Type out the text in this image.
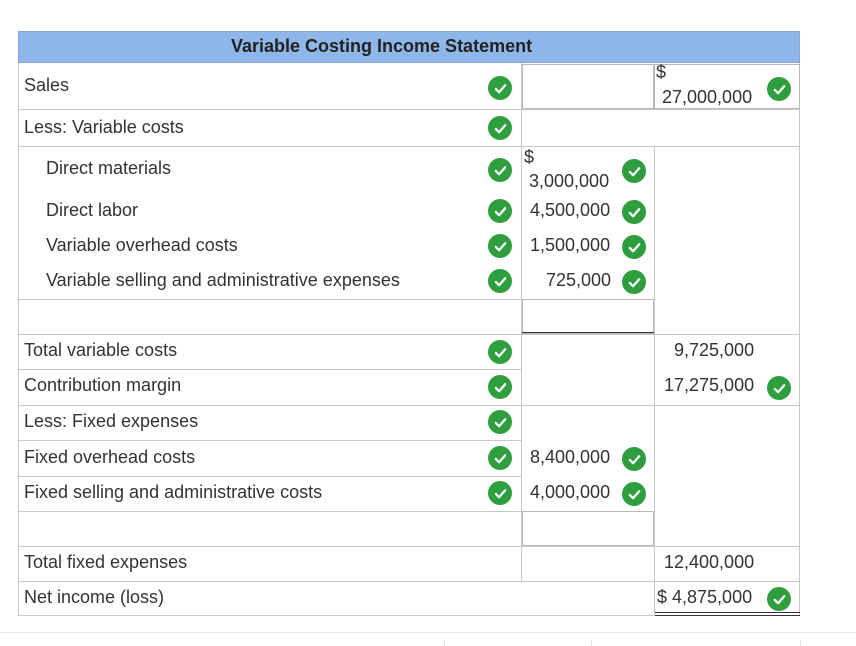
Variable Costing Income Statement
Sales
Less: Variable costs
Direct materials
Direct labor
Variable overhead costs
Variable selling and administrative expenses
Total variable costs
Contribution margin
Less: Fixed expenses
Fixed overhead costs
Fixed selling and administrative costs
Total fixed expenses
Net income (loss)
$
27,000,000
$
3,000,000
4,500,000
1,500,000
725,000
9,725,000
17,275,000
8,400,000
4,000,000
12,400,000
$ 4,875,000
